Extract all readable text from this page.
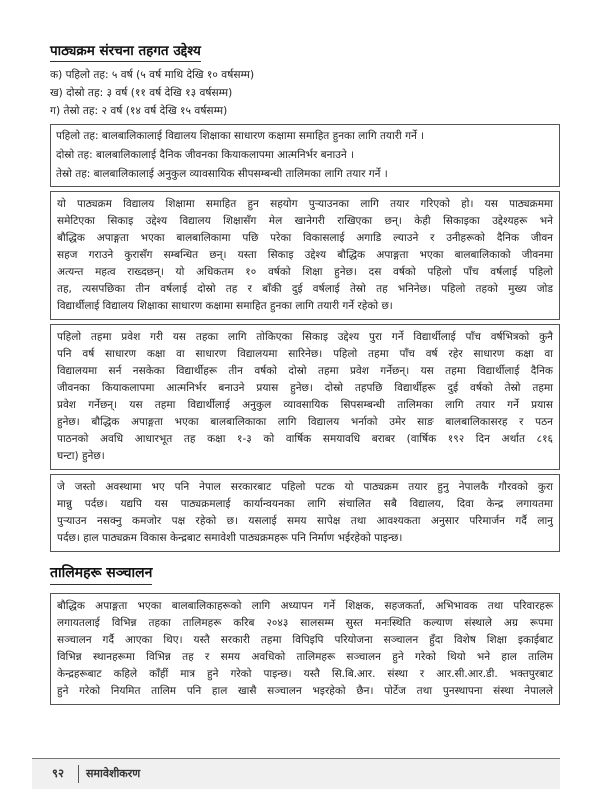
पाठ्यक्रम संरचना तहगत उद्देश्य

क) पहिलो तह: ५ वर्ष (५ वर्ष माथि देखि १० वर्षसम्म)

ख) दोस्रो तह: ३ वर्ष (११ वर्ष देखि १३ वर्षसम्म)

ग) तेस्रो तह: २ वर्ष (१४ वर्ष देखि १५ वर्षसम्म)

पहिलो तह: बालबालिकालाई विद्यालय शिक्षाका साधारण कक्षामा समाहित हुनका लागि तयारी गर्ने ।

दोस्रो तह: बालबालिकालाई दैनिक जीवनका कियाकलापमा आत्मनिर्भर बनाउने ।

तेस्रो तह: बालबालिकालाई अनुकुल व्यावसायिक सीपसम्बन्धी तालिमका लागि तयार गर्ने ।

यो पाठ्यक्रम विद्यालय शिक्षामा समाहित हुन सहयोग पुऱ्याउनका लागि तयार गरिएको हो। यस पाठ्यक्रममा
समेटिएका सिकाइ उद्देश्य विद्यालय शिक्षासँग मेल खानेगरी राखिएका छन्। केही सिकाइका उद्देश्यहरू भने
बौद्धिक अपाङ्गता भएका बालबालिकामा पछि परेका विकासलाई अगाडि ल्याउने र उनीहरूको दैनिक जीवन
सहज गराउने कुरासँग सम्बन्धित छन्। यस्ता सिकाइ उद्देश्य बौद्धिक अपाङ्गता भएका बालबालिकाको जीवनमा
अत्यन्त महत्व राख्दछन्। यो अधिकतम १० वर्षको शिक्षा हुनेछ। दस वर्षको पहिलो पाँच वर्षलाई पहिलो
तह, त्यसपछिका तीन वर्षलाई दोस्रो तह र बाँकी दुई वर्षलाई तेस्रो तह भनिनेछ। पहिलो तहको मुख्य जोड
विद्यार्थीलाई विद्यालय शिक्षाका साधारण कक्षामा समाहित हुनका लागि तयारी गर्ने रहेको छ।
पहिलो तहमा प्रवेश गरी यस तहका लागि तोकिएका सिकाइ उद्देश्य पुरा गर्ने विद्यार्थीलाई पाँच वर्षभित्रको कुनै
पनि वर्ष साधारण कक्षा वा साधारण विद्यालयमा सारिनेछ। पहिलो तहमा पाँच वर्ष रहेर साधारण कक्षा वा
विद्यालयमा सर्न नसकेका विद्यार्थीहरू तीन वर्षको दोस्रो तहमा प्रवेश गर्नेछन्। यस तहमा विद्यार्थीलाई दैनिक
जीवनका कियाकलापमा आत्मनिर्भर बनाउने प्रयास हुनेछ। दोस्रो तहपछि विद्यार्थीहरू दुई वर्षको तेस्रो तहमा
प्रवेश गर्नेछन्। यस तहमा विद्यार्थीलाई अनुकुल व्यावसायिक सिपसम्बन्धी तालिमका लागि तयार गर्ने प्रयास
हुनेछ। बौद्धिक अपाङ्गता भएका बालबालिकाका लागि विद्यालय भर्नाको उमेर साङ बालबालिकासरह र पठन
पाठनको अवधि आधारभूत तह कक्षा १-३ को वार्षिक समयावधि बराबर (वार्षिक १९२ दिन अर्थात ८१६
घन्टा) हुनेछ।
जे जस्तो अवस्थामा भए पनि नेपाल सरकारबाट पहिलो पटक यो पाठ्यक्रम तयार हुनु नेपालकै गौरवको कुरा
मान्नु पर्दछ। यद्यपि यस पाठ्यक्रमलाई कार्यान्वयनका लागि संचालित सबै विद्यालय, दिवा केन्द्र लगायतमा
पुऱ्याउन नसक्नु कमजोर पक्ष रहेको छ। यसलाई समय सापेक्ष तथा आवश्यकता अनुसार परिमार्जन गर्दै लानु
पर्दछ। हाल पाठ्यक्रम विकास केन्द्रबाट समावेशी पाठ्यक्रमहरू पनि निर्माण भईरहेको पाइन्छ।
तालिमहरू सञ्चालन
बौद्धिक अपाङ्गता भएका बालबालिकाहरूको लागि अध्यापन गर्ने शिक्षक, सहजकर्ता, अभिभावक तथा परिवारहरू
लगायतलाई विभिन्न तहका तालिमहरू करिब २०४३ सालसम्म सुस्त मनःस्थिति कल्याण संस्थाले अग्र रूपमा
सञ्चालन गर्दै आएका थिए। यस्तै सरकारी तहमा विपिइपि परियोजना सञ्चालन हुँदा विशेष शिक्षा इकाईबाट
विभिन्न स्थानहरूमा विभिन्न तह र समय अवधिको तालिमहरू सञ्चालन हुने गरेको थियो भने हाल तालिम
केन्द्रहरूबाट कहिले काँहीं मात्र हुने गरेको पाइन्छ। यस्तै सि.बि.आर. संस्था र आर.सी.आर.डी. भक्तपुरबाट
हुने गरेको नियमित तालिम पनि हाल खासै सञ्चालन भइरहेको छैन। पोर्टेज तथा पुनस्थापना संस्था नेपालले
९२ समावेशीकरण
